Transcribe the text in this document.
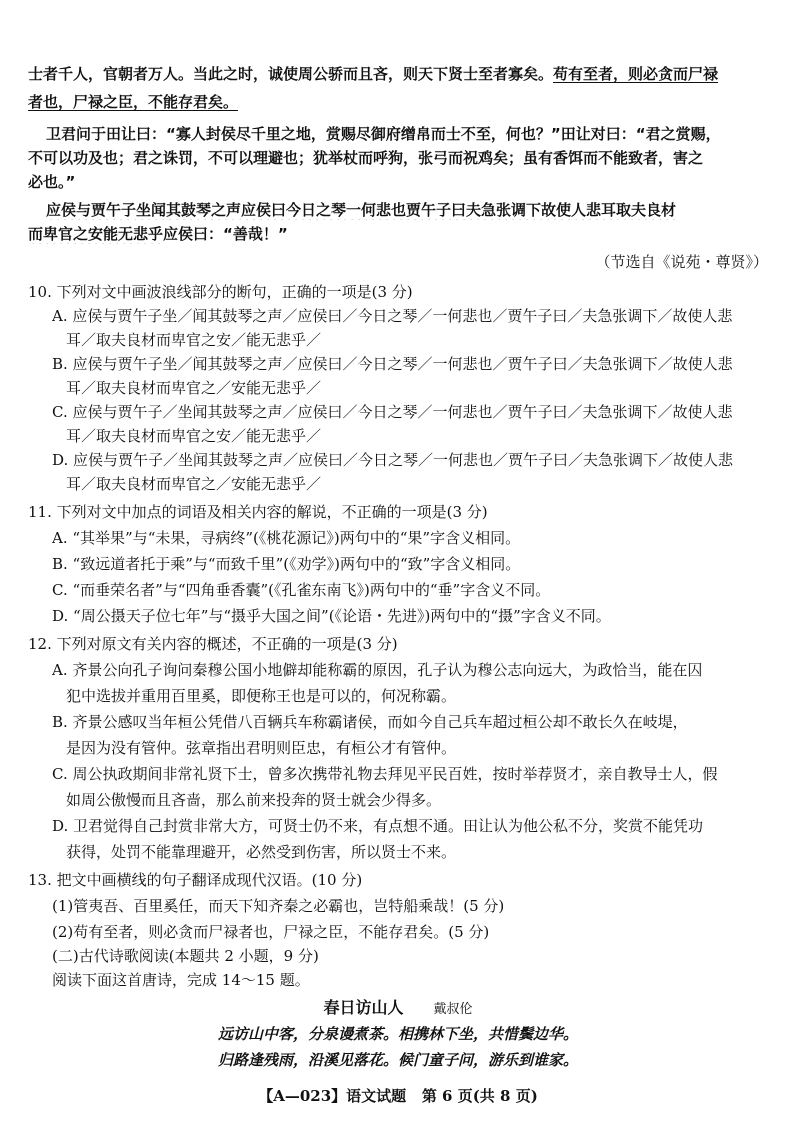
士者千人，官朝者万人。当此之时，诚使周公骄而且吝，则天下贤士至者寡矣。苟有至者，则必贪而尸禄
者也，尸禄之臣，不能存君矣。
卫君问于田让曰：“寡人封侯尽千里之地，赏赐尽御府缯帛而士不至，何也？”田让对曰：“君之赏赐，
不可以功及也；君之诛罚，不可以理避也；犹举杖而呼狗，张弓而祝鸡矣；虽有香饵而不能致者，害之
必也。”
应侯与贾午子坐闻其鼓琴之声应侯曰今日之琴一何悲也贾午子曰夫急张调下故使人悲耳取夫良材
而卑官之安能无悲乎应侯曰：“善哉！”
（节选自《说苑・尊贤》）
10. 下列对文中画波浪线部分的断句，正确的一项是(3 分)
A. 应侯与贾午子坐／闻其鼓琴之声／应侯曰／今日之琴／一何悲也／贾午子曰／夫急张调下／故使人悲
耳／取夫良材而卑官之安／能无悲乎／
B. 应侯与贾午子坐／闻其鼓琴之声／应侯曰／今日之琴／一何悲也／贾午子曰／夫急张调下／故使人悲
耳／取夫良材而卑官之／安能无悲乎／
C. 应侯与贾午子／坐闻其鼓琴之声／应侯曰／今日之琴／一何悲也／贾午子曰／夫急张调下／故使人悲
耳／取夫良材而卑官之安／能无悲乎／
D. 应侯与贾午子／坐闻其鼓琴之声／应侯曰／今日之琴／一何悲也／贾午子曰／夫急张调下／故使人悲
耳／取夫良材而卑官之／安能无悲乎／
11. 下列对文中加点的词语及相关内容的解说，不正确的一项是(3 分)
A. “其举果”与“未果，寻病终”(《桃花源记》)两句中的“果”字含义相同。
B. “致远道者托于乘”与“而致千里”(《劝学》)两句中的“致”字含义相同。
C. “而垂荣名者”与“四角垂香囊”(《孔雀东南飞》)两句中的“垂”字含义不同。
D. “周公摄天子位七年”与“摄乎大国之间”(《论语・先进》)两句中的“摄”字含义不同。
12. 下列对原文有关内容的概述，不正确的一项是(3 分)
A. 齐景公向孔子询问秦穆公国小地僻却能称霸的原因，孔子认为穆公志向远大，为政恰当，能在囚
犯中选拔并重用百里奚，即便称王也是可以的，何况称霸。
B. 齐景公感叹当年桓公凭借八百辆兵车称霸诸侯，而如今自己兵车超过桓公却不敢长久在岐堤，
是因为没有管仲。弦章指出君明则臣忠，有桓公才有管仲。
C. 周公执政期间非常礼贤下士，曾多次携带礼物去拜见平民百姓，按时举荐贤才，亲自教导士人，假
如周公傲慢而且吝啬，那么前来投奔的贤士就会少得多。
D. 卫君觉得自己封赏非常大方，可贤士仍不来，有点想不通。田让认为他公私不分，奖赏不能凭功
获得，处罚不能靠理避开，必然受到伤害，所以贤士不来。
13. 把文中画横线的句子翻译成现代汉语。(10 分)
(1)管夷吾、百里奚任，而天下知齐秦之必霸也，岂特船乘哉！(5 分)
(2)苟有至者，则必贪而尸禄者也，尸禄之臣，不能存君矣。(5 分)
(二)古代诗歌阅读(本题共 2 小题，9 分)
阅读下面这首唐诗，完成 14～15 题。
春日访山人 戴叔伦
远访山中客，分泉谩煮茶。相携林下坐，共惜鬓边华。
归路逢残雨，沿溪见落花。候门童子问，游乐到谁家。
【A—023】语文试题 第 6 页(共 8 页)
